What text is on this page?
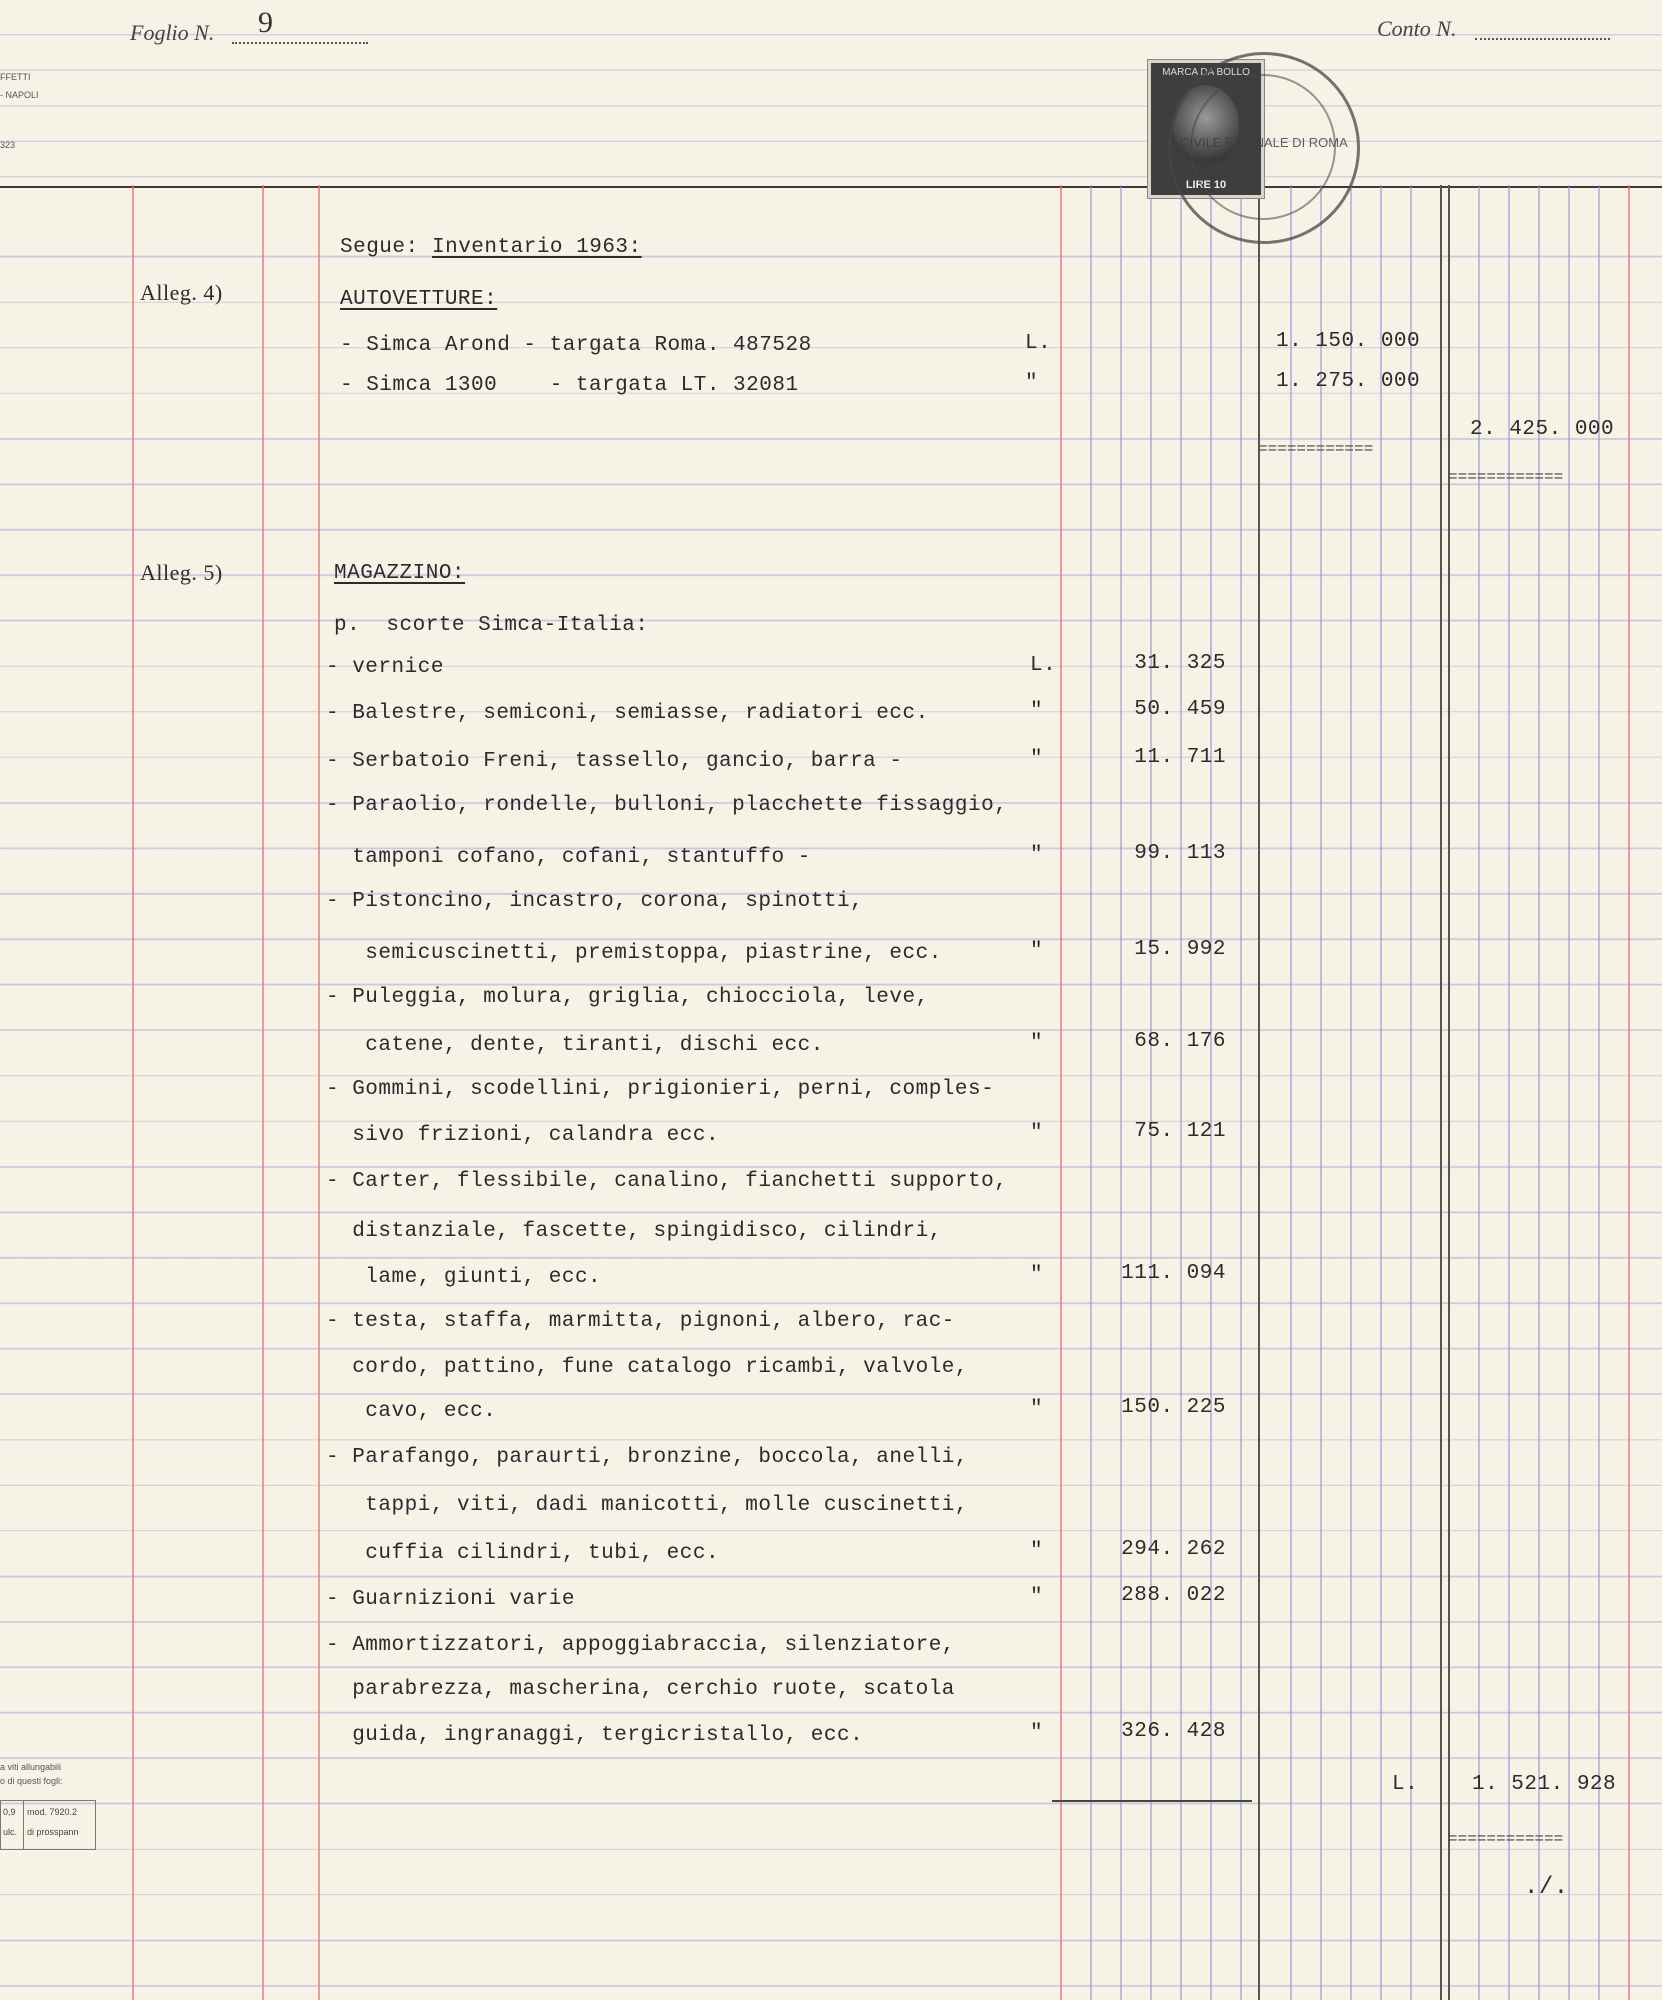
Foglio N. 9	Conto N.
FFETTI
- NAPOLI
323
a viti allungabili
o di questi fogli:
0,9
ulc.
mod. 7920.2
di prosspann
MARCA DA BOLLO
LIRE 10
CIVILE E PENALE DI ROMA
Segue: Inventario 1963:
Alleg. 4)	AUTOVETTURE:
- Simca Arond - targata Roma. 487528	L.	1. 150. 000
- Simca 1300    - targata LT. 32081	"	1. 275. 000
2. 425. 000
============
============
Alleg. 5)	MAGAZZINO:
p.  scorte Simca-Italia:
- vernice	L.	31. 325
- Balestre, semiconi, semiasse, radiatori ecc.	"	50. 459
- Serbatoio Freni, tassello, gancio, barra -	"	11. 711
- Paraolio, rondelle, bulloni, placchette fissaggio,
tamponi cofano, cofani, stantuffo -	"	99. 113
- Pistoncino, incastro, corona, spinotti,
semicuscinetti, premistoppa, piastrine, ecc.	"	15. 992
- Puleggia, molura, griglia, chiocciola, leve,
catene, dente, tiranti, dischi ecc.	"	68. 176
- Gommini, scodellini, prigionieri, perni, comples-
sivo frizioni, calandra ecc.	"	75. 121
- Carter, flessibile, canalino, fianchetti supporto,
distanziale, fascette, spingidisco, cilindri,
lame, giunti, ecc.	"	111. 094
- testa, staffa, marmitta, pignoni, albero, rac-
cordo, pattino, fune catalogo ricambi, valvole,
cavo, ecc.	"	150. 225
- Parafango, paraurti, bronzine, boccola, anelli,
tappi, viti, dadi manicotti, molle cuscinetti,
cuffia cilindri, tubi, ecc.	"	294. 262
- Guarnizioni varie	"	288. 022
- Ammortizzatori, appoggiabraccia, silenziatore,
parabrezza, mascherina, cerchio ruote, scatola
guida, ingranaggi, tergicristallo, ecc.	"	326. 428
L.	1. 521. 928
============
./.
